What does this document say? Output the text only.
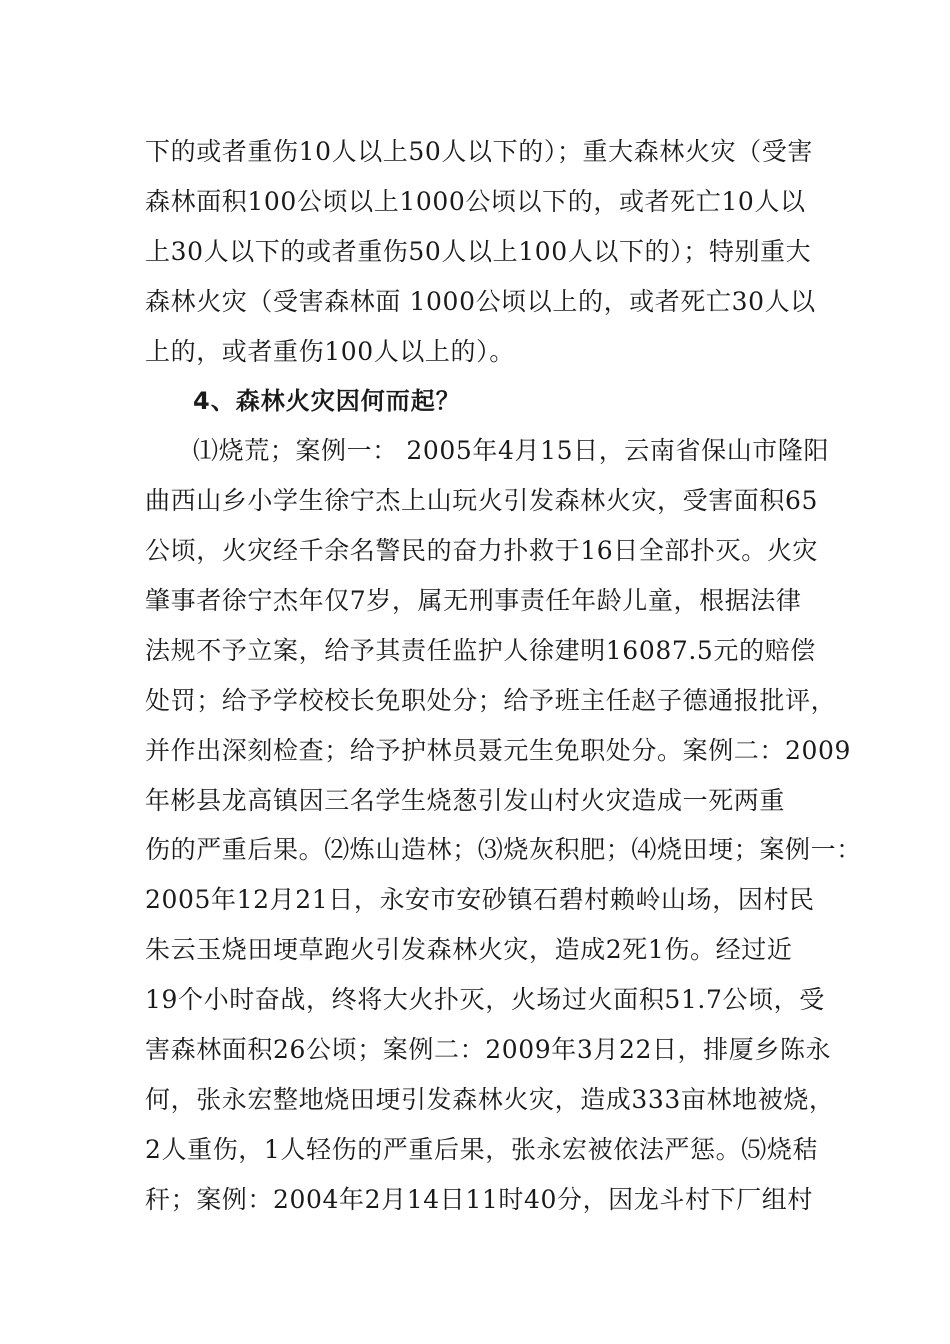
下的或者重伤10人以上50人以下的）；重大森林火灾（受害
森林面积100公顷以上1000公顷以下的，或者死亡10人以
上30人以下的或者重伤50人以上100人以下的）；特别重大
森林火灾（受害森林面 1000公顷以上的，或者死亡30人以
上的，或者重伤100人以上的）。
4、森林火灾因何而起？
⑴烧荒；案例一： 2005年4月15日，云南省保山市隆阳
曲西山乡小学生徐宁杰上山玩火引发森林火灾，受害面积65
公顷，火灾经千余名警民的奋力扑救于16日全部扑灭。火灾
肇事者徐宁杰年仅7岁，属无刑事责任年龄儿童，根据法律
法规不予立案，给予其责任监护人徐建明16087.5元的赔偿
处罚；给予学校校长免职处分；给予班主任赵子德通报批评，
并作出深刻检查；给予护林员聂元生免职处分。案例二：2009
年彬县龙高镇因三名学生烧葱引发山村火灾造成一死两重
伤的严重后果。⑵炼山造林；⑶烧灰积肥；⑷烧田埂；案例一：
2005年12月21日，永安市安砂镇石碧村赖岭山场，因村民
朱云玉烧田埂草跑火引发森林火灾，造成2死1伤。经过近
19个小时奋战，终将大火扑灭，火场过火面积51.7公顷，受
害森林面积26公顷；案例二：2009年3月22日，排厦乡陈永
何，张永宏整地烧田埂引发森林火灾，造成333亩林地被烧，
2人重伤，1人轻伤的严重后果，张永宏被依法严惩。⑸烧秸
秆；案例：2004年2月14日11时40分，因龙斗村下厂组村
